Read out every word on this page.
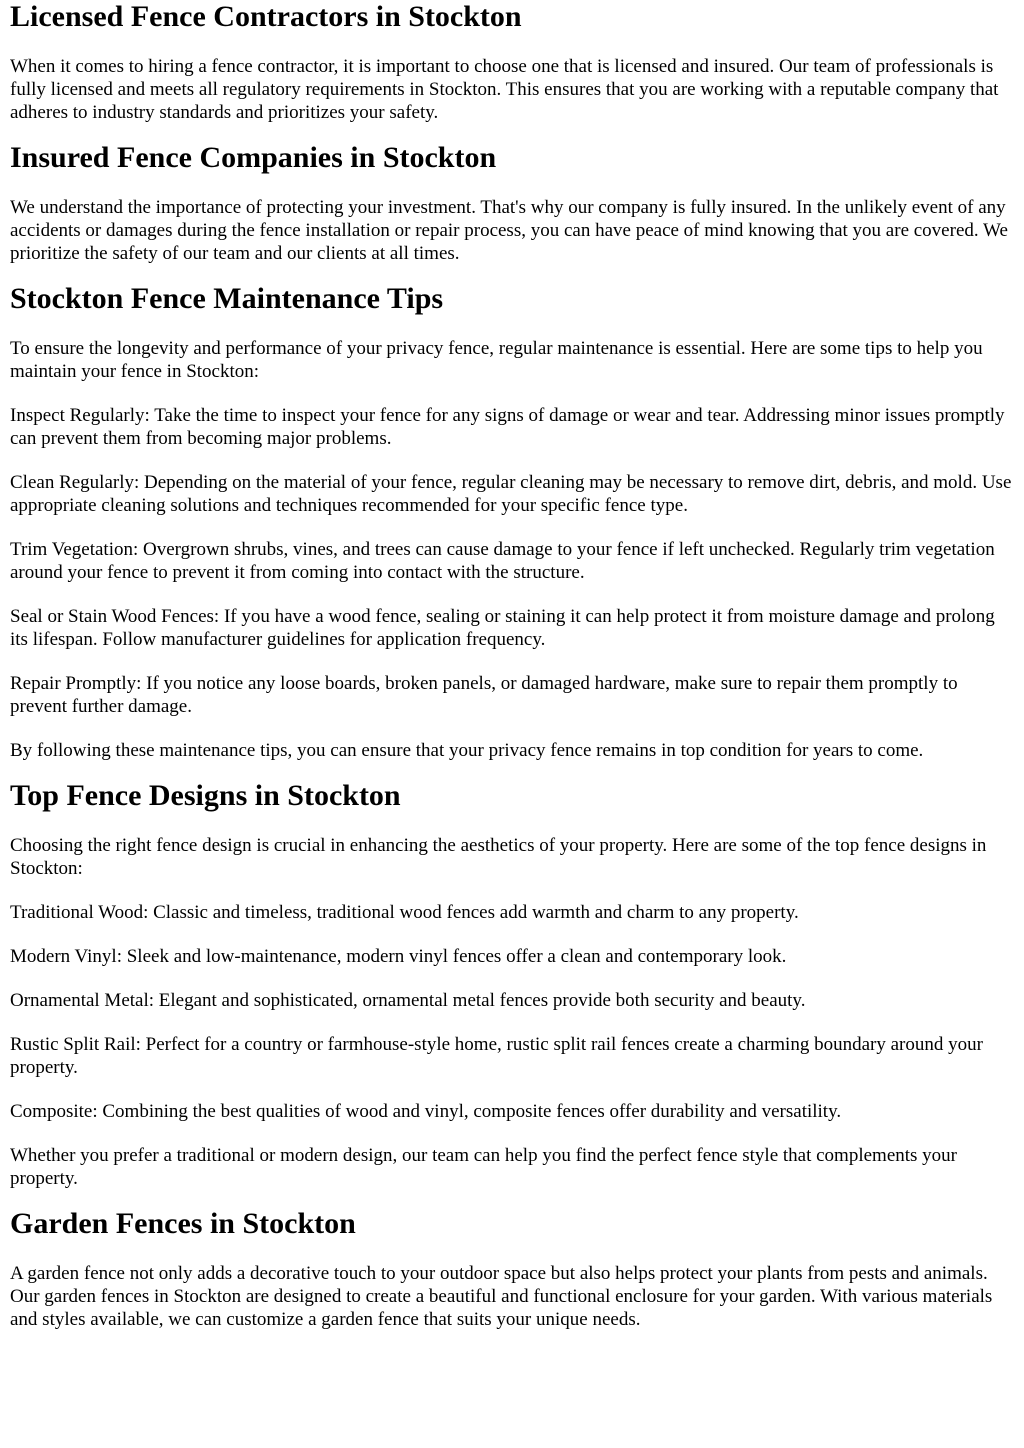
Licensed Fence Contractors in Stockton

When it comes to hiring a fence contractor, it is important to choose one that is licensed and insured. Our team of professionals is fully licensed and meets all regulatory requirements in Stockton. This ensures that you are working with a reputable company that adheres to industry standards and prioritizes your safety.

Insured Fence Companies in Stockton

We understand the importance of protecting your investment. That's why our company is fully insured. In the unlikely event of any accidents or damages during the fence installation or repair process, you can have peace of mind knowing that you are covered. We prioritize the safety of our team and our clients at all times.

Stockton Fence Maintenance Tips

To ensure the longevity and performance of your privacy fence, regular maintenance is essential. Here are some tips to help you maintain your fence in Stockton:

Inspect Regularly: Take the time to inspect your fence for any signs of damage or wear and tear. Addressing minor issues promptly can prevent them from becoming major problems.

Clean Regularly: Depending on the material of your fence, regular cleaning may be necessary to remove dirt, debris, and mold. Use appropriate cleaning solutions and techniques recommended for your specific fence type.

Trim Vegetation: Overgrown shrubs, vines, and trees can cause damage to your fence if left unchecked. Regularly trim vegetation around your fence to prevent it from coming into contact with the structure.

Seal or Stain Wood Fences: If you have a wood fence, sealing or staining it can help protect it from moisture damage and prolong its lifespan. Follow manufacturer guidelines for application frequency.

Repair Promptly: If you notice any loose boards, broken panels, or damaged hardware, make sure to repair them promptly to prevent further damage.

By following these maintenance tips, you can ensure that your privacy fence remains in top condition for years to come.

Top Fence Designs in Stockton

Choosing the right fence design is crucial in enhancing the aesthetics of your property. Here are some of the top fence designs in Stockton:

Traditional Wood: Classic and timeless, traditional wood fences add warmth and charm to any property.

Modern Vinyl: Sleek and low-maintenance, modern vinyl fences offer a clean and contemporary look.

Ornamental Metal: Elegant and sophisticated, ornamental metal fences provide both security and beauty.

Rustic Split Rail: Perfect for a country or farmhouse-style home, rustic split rail fences create a charming boundary around your property.

Composite: Combining the best qualities of wood and vinyl, composite fences offer durability and versatility.

Whether you prefer a traditional or modern design, our team can help you find the perfect fence style that complements your property.

Garden Fences in Stockton

A garden fence not only adds a decorative touch to your outdoor space but also helps protect your plants from pests and animals. Our garden fences in Stockton are designed to create a beautiful and functional enclosure for your garden. With various materials and styles available, we can customize a garden fence that suits your unique needs.
